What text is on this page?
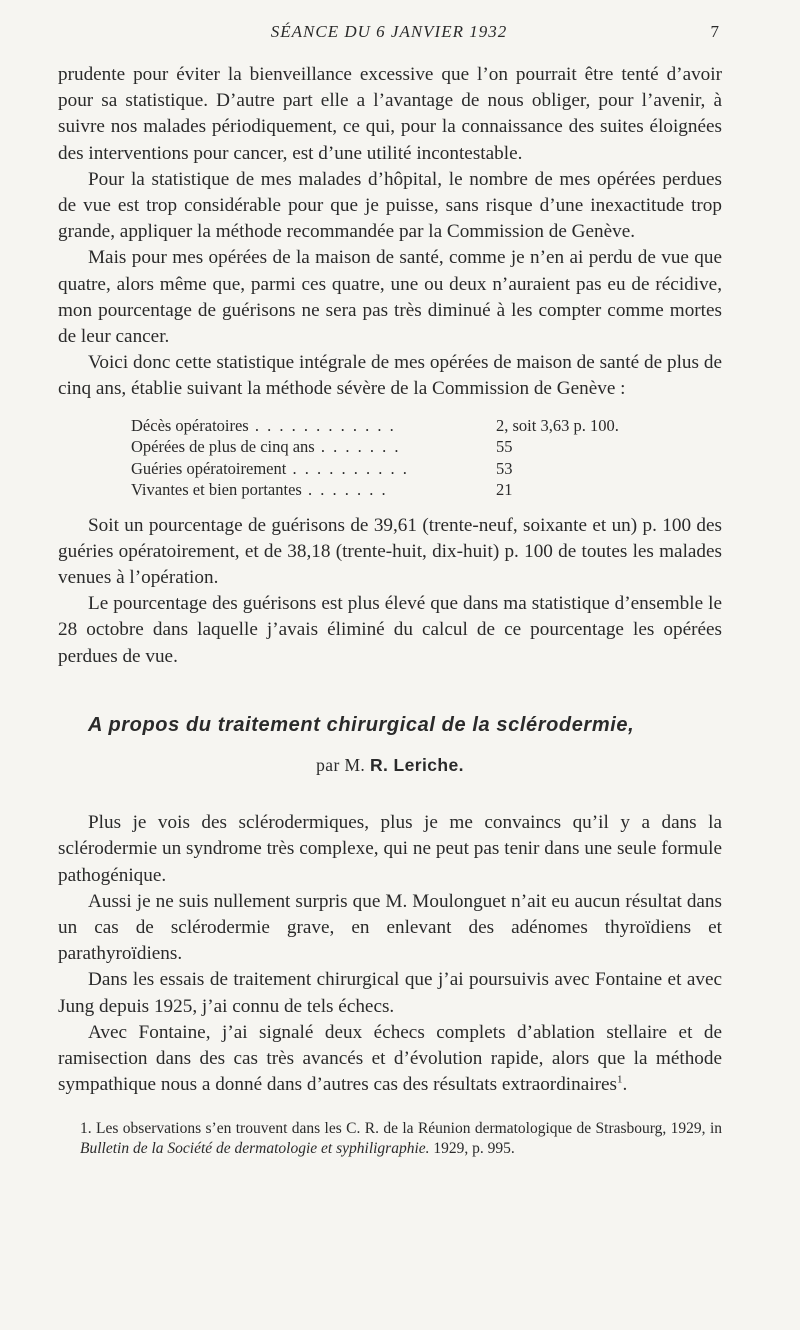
SÉANCE DU 6 JANVIER 1932	7

prudente pour éviter la bienveillance excessive que l’on pourrait être tenté d’avoir pour sa statistique. D’autre part elle a l’avantage de nous obliger, pour l’avenir, à suivre nos malades périodiquement, ce qui, pour la connaissance des suites éloignées des interventions pour cancer, est d’une utilité incontestable.

Pour la statistique de mes malades d’hôpital, le nombre de mes opérées perdues de vue est trop considérable pour que je puisse, sans risque d’une inexactitude trop grande, appliquer la méthode recommandée par la Commission de Genève.

Mais pour mes opérées de la maison de santé, comme je n’en ai perdu de vue que quatre, alors même que, parmi ces quatre, une ou deux n’auraient pas eu de récidive, mon pourcentage de guérisons ne sera pas très diminué à les compter comme mortes de leur cancer.

Voici donc cette statistique intégrale de mes opérées de maison de santé de plus de cinq ans, établie suivant la méthode sévère de la Commission de Genève :

Décès opératoires . . . . . . . . . . . .	2, soit 3,63 p. 100.
Opérées de plus de cinq ans . . . . . . .	55
Guéries opératoirement . . . . . . . . . .	53
Vivantes et bien portantes . . . . . . .	21

Soit un pourcentage de guérisons de 39,61 (trente-neuf, soixante et un) p. 100 des guéries opératoirement, et de 38,18 (trente-huit, dix-huit) p. 100 de toutes les malades venues à l’opération.

Le pourcentage des guérisons est plus élevé que dans ma statistique d’ensemble le 28 octobre dans laquelle j’avais éliminé du calcul de ce pourcentage les opérées perdues de vue.

A propos du traitement chirurgical de la sclérodermie,
par M. R. Leriche.

Plus je vois des sclérodermiques, plus je me convaincs qu’il y a dans la sclérodermie un syndrome très complexe, qui ne peut pas tenir dans une seule formule pathogénique.

Aussi je ne suis nullement surpris que M. Moulonguet n’ait eu aucun résultat dans un cas de sclérodermie grave, en enlevant des adénomes thyroïdiens et parathyroïdiens.

Dans les essais de traitement chirurgical que j’ai poursuivis avec Fontaine et avec Jung depuis 1925, j’ai connu de tels échecs.

Avec Fontaine, j’ai signalé deux échecs complets d’ablation stellaire et de ramisection dans des cas très avancés et d’évolution rapide, alors que la méthode sympathique nous a donné dans d’autres cas des résultats extraordinaires$^1$.

1. Les observations s’en trouvent dans les C. R. de la Réunion dermatologique de Strasbourg, 1929, in Bulletin de la Société de dermatologie et syphiligraphie. 1929, p. 995.
